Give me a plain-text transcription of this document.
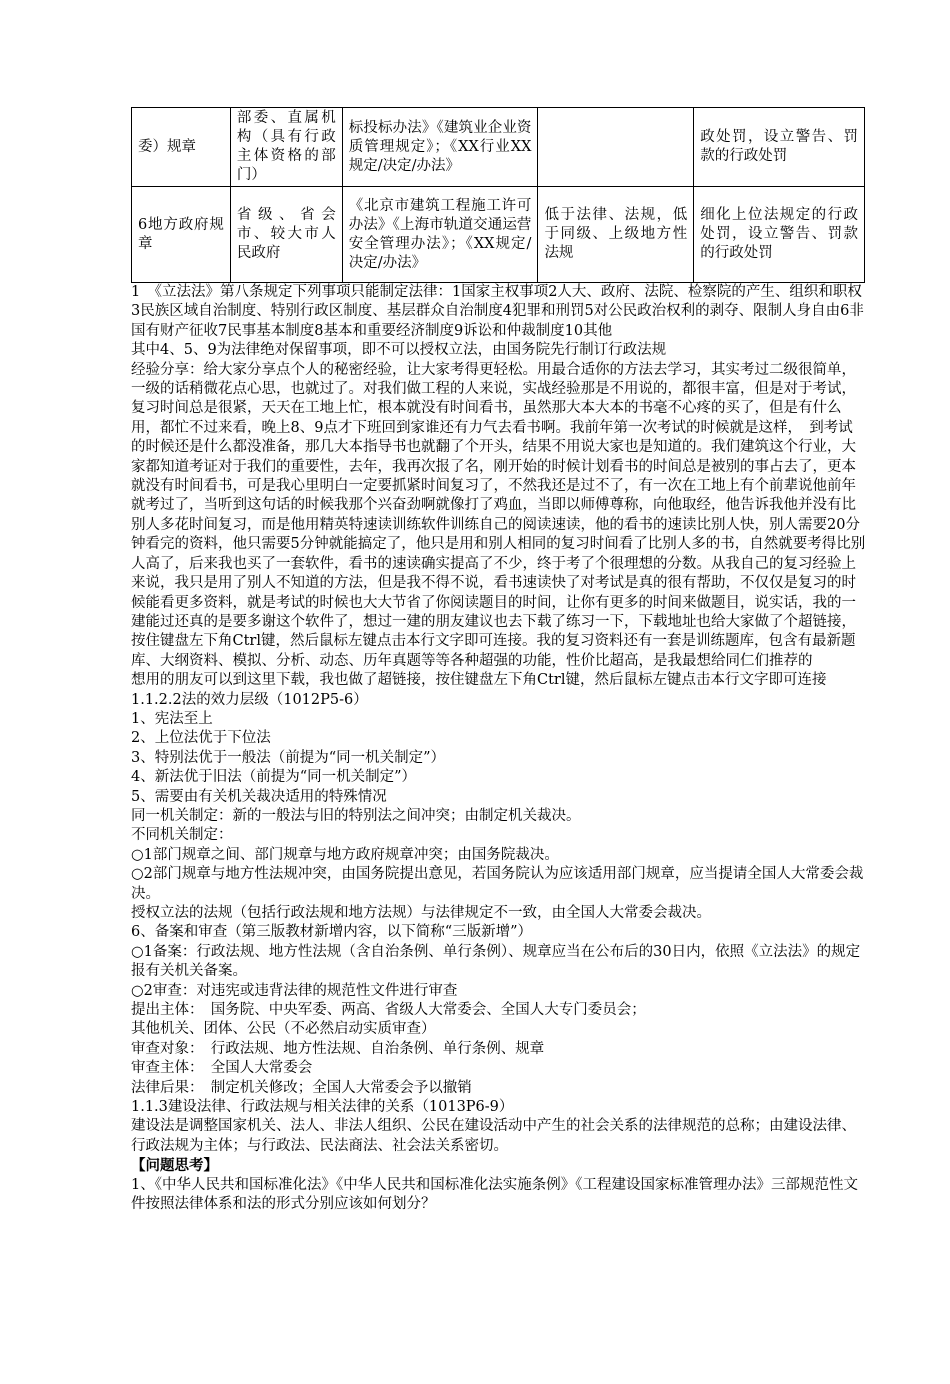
委）规章	部委、直属机构（具有行政主体资格的部门）	标投标办法》《建筑业企业资质管理规定》；《XX行业XX规定/决定/办法》		政处罚，设立警告、罚款的行政处罚
6地方政府规章	省级、省会市、较大市人民政府	《北京市建筑工程施工许可办法》《上海市轨道交通运营安全管理办法》；《XX规定/决定/办法》	低于法律、法规，低于同级、上级地方性法规	细化上位法规定的行政处罚，设立警告、罚款的行政处罚
1　《立法法》第八条规定下列事项只能制定法律：1国家主权事项2人大、政府、法院、检察院的产生、组织和职权3民族区域自治制度、特别行政区制度、基层群众自治制度4犯罪和刑罚5对公民政治权利的剥夺、限制人身自由6非国有财产征收7民事基本制度8基本和重要经济制度9诉讼和仲裁制度10其他
其中4、5、9为法律绝对保留事项，即不可以授权立法，由国务院先行制订行政法规
经验分享：给大家分享点个人的秘密经验，让大家考得更轻松。用最合适你的方法去学习，其实考过二级很简单，一级的话稍微花点心思，也就过了。对我们做工程的人来说，实战经验那是不用说的，都很丰富，但是对于考试，复习时间总是很紧，天天在工地上忙，根本就没有时间看书，虽然那大本大本的书毫不心疼的买了，但是有什么用，都忙不过来看，晚上8、9点才下班回到家谁还有力气去看书啊。我前年第一次考试的时候就是这样，　到考试的时候还是什么都没准备，那几大本指导书也就翻了个开头，结果不用说大家也是知道的。我们建筑这个行业，大家都知道考证对于我们的重要性，去年，我再次报了名，刚开始的时候计划看书的时间总是被别的事占去了，更本就没有时间看书，可是我心里明白一定要抓紧时间复习了，不然我还是过不了，有一次在工地上有个前辈说他前年就考过了，当听到这句话的时候我那个兴奋劲啊就像打了鸡血，当即以师傅尊称，向他取经，他告诉我他并没有比别人多花时间复习，而是他用精英特速读训练软件训练自己的阅读速读，他的看书的速读比别人快，别人需要20分钟看完的资料，他只需要5分钟就能搞定了，他只是用和别人相同的复习时间看了比别人多的书，自然就要考得比别人高了，后来我也买了一套软件，看书的速读确实提高了不少，终于考了个很理想的分数。从我自己的复习经验上来说，我只是用了别人不知道的方法，但是我不得不说，看书速读快了对考试是真的很有帮助，不仅仅是复习的时候能看更多资料，就是考试的时候也大大节省了你阅读题目的时间，让你有更多的时间来做题目，说实话，我的一建能过还真的是要多谢这个软件了，想过一建的朋友建议也去下载了练习一下，下载地址也给大家做了个超链接，按住键盘左下角Ctrl键，然后鼠标左键点击本行文字即可连接。我的复习资料还有一套是训练题库，包含有最新题库、大纲资料、模拟、分析、动态、历年真题等等各种超强的功能，性价比超高，是我最想给同仁们推荐的
想用的朋友可以到这里下载，我也做了超链接，按住键盘左下角Ctrl键，然后鼠标左键点击本行文字即可连接
1.1.2.2法的效力层级（1012P5-6）
1、宪法至上
2、上位法优于下位法
3、特别法优于一般法（前提为“同一机关制定”）
4、新法优于旧法（前提为“同一机关制定”）
5、需要由有关机关裁决适用的特殊情况
同一机关制定：新的一般法与旧的特别法之间冲突；由制定机关裁决。
不同机关制定：
○1部门规章之间、部门规章与地方政府规章冲突；由国务院裁决。
○2部门规章与地方性法规冲突，由国务院提出意见，若国务院认为应该适用部门规章，应当提请全国人大常委会裁决。
授权立法的法规（包括行政法规和地方法规）与法律规定不一致，由全国人大常委会裁决。
6、备案和审查（第三版教材新增内容，以下简称“三版新增”）
○1备案：行政法规、地方性法规（含自治条例、单行条例）、规章应当在公布后的30日内，依照《立法法》的规定报有关机关备案。
○2审查：对违宪或违背法律的规范性文件进行审查
提出主体：　国务院、中央军委、两高、省级人大常委会、全国人大专门委员会；
其他机关、团体、公民（不必然启动实质审查）
审查对象：　行政法规、地方性法规、自治条例、单行条例、规章
审查主体：　全国人大常委会
法律后果：　制定机关修改；全国人大常委会予以撤销
1.1.3建设法律、行政法规与相关法律的关系（1013P6-9）
建设法是调整国家机关、法人、非法人组织、公民在建设活动中产生的社会关系的法律规范的总称；由建设法律、行政法规为主体；与行政法、民法商法、社会法关系密切。
【问题思考】
1、《中华人民共和国标准化法》《中华人民共和国标准化法实施条例》《工程建设国家标准管理办法》三部规范性文件按照法律体系和法的形式分别应该如何划分？
